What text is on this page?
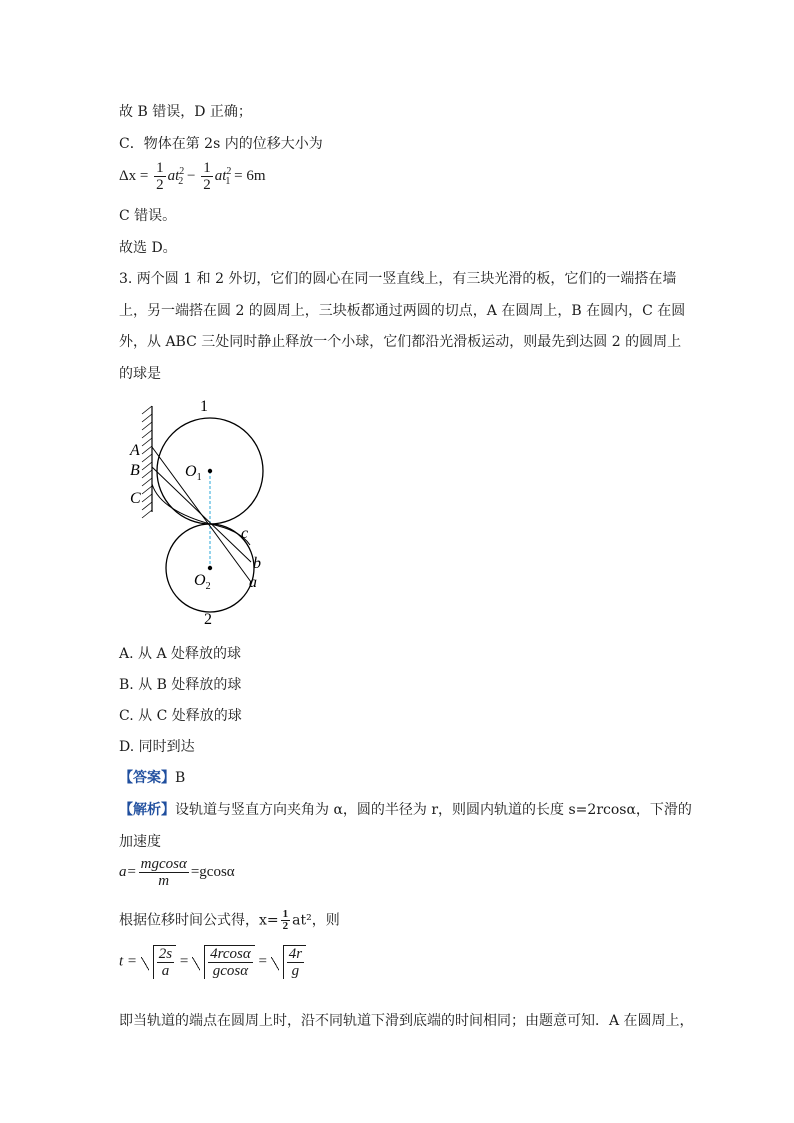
故 B 错误，D 正确；
C．物体在第 2s 内的位移大小为
$\Delta x = \frac{1}{2} at^2_2 - \frac{1}{2} at^2_1 = 6m$
C 错误。
故选 D。
3. 两个圆 1 和 2 外切，它们的圆心在同一竖直线上，有三块光滑的板，它们的一端搭在墙
上，另一端搭在圆 2 的圆周上，三块板都通过两圆的切点，A 在圆周上，B 在圆内，C 在圆
外，从 ABC 三处同时静止释放一个小球，它们都沿光滑板运动，则最先到达圆 2 的圆周上
的球是
1
2
$O_1$
$O_2$
A
B
C
c
b
a
A. 从 A 处释放的球
B. 从 B 处释放的球
C. 从 C 处释放的球
D. 同时到达
【答案】B
【解析】设轨道与竖直方向夹角为 α，圆的半径为 r，则圆内轨道的长度 s=2rcosα，下滑的
加速度
$a= \frac{mgcos\alpha}{m} =gcos\alpha$
根据位移时间公式得，$x= \frac{1}{2} at^2$，则
$t = \frac{2s}{a} = \frac{4rcos\alpha}{gcos\alpha} = \frac{4r}{g}$
即当轨道的端点在圆周上时，沿不同轨道下滑到底端的时间相同；由题意可知．A 在圆周上，
